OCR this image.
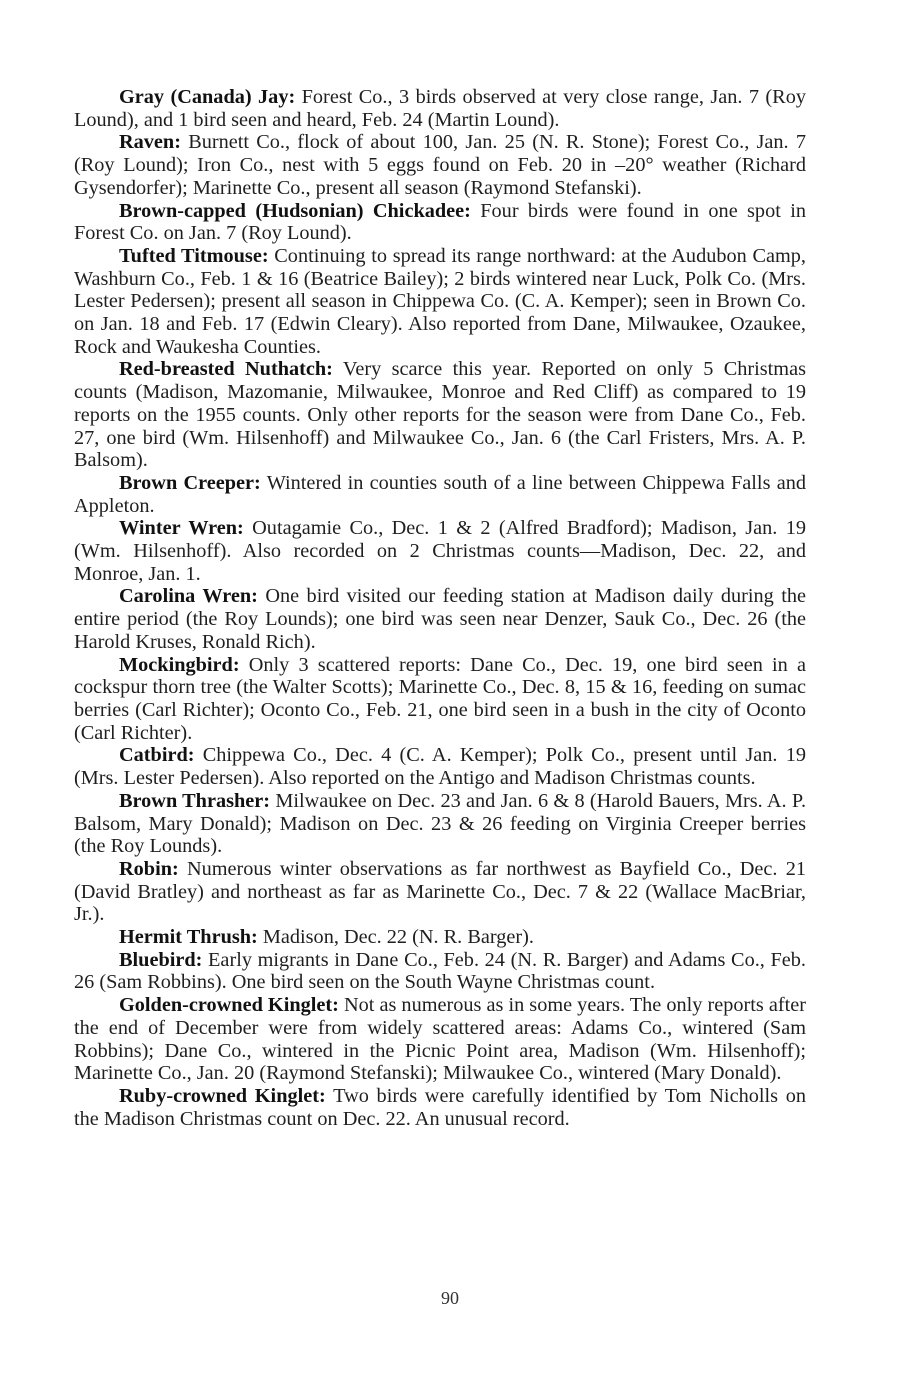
Gray (Canada) Jay: Forest Co., 3 birds observed at very close range, Jan. 7 (Roy Lound), and 1 bird seen and heard, Feb. 24 (Martin Lound).

Raven: Burnett Co., flock of about 100, Jan. 25 (N. R. Stone); Forest Co., Jan. 7 (Roy Lound); Iron Co., nest with 5 eggs found on Feb. 20 in –20° weather (Richard Gysendorfer); Marinette Co., present all season (Raymond Stefanski).

Brown-capped (Hudsonian) Chickadee: Four birds were found in one spot in Forest Co. on Jan. 7 (Roy Lound).

Tufted Titmouse: Continuing to spread its range northward: at the Audubon Camp, Washburn Co., Feb. 1 & 16 (Beatrice Bailey); 2 birds wintered near Luck, Polk Co. (Mrs. Lester Pedersen); present all season in Chippewa Co. (C. A. Kemper); seen in Brown Co. on Jan. 18 and Feb. 17 (Edwin Cleary). Also reported from Dane, Milwaukee, Ozaukee, Rock and Waukesha Counties.

Red-breasted Nuthatch: Very scarce this year. Reported on only 5 Christmas counts (Madison, Mazomanie, Milwaukee, Monroe and Red Cliff) as compared to 19 reports on the 1955 counts. Only other reports for the season were from Dane Co., Feb. 27, one bird (Wm. Hilsenhoff) and Milwaukee Co., Jan. 6 (the Carl Fristers, Mrs. A. P. Balsom).

Brown Creeper: Wintered in counties south of a line between Chippewa Falls and Appleton.

Winter Wren: Outagamie Co., Dec. 1 & 2 (Alfred Bradford); Madison, Jan. 19 (Wm. Hilsenhoff). Also recorded on 2 Christmas counts—Madison, Dec. 22, and Monroe, Jan. 1.

Carolina Wren: One bird visited our feeding station at Madison daily during the entire period (the Roy Lounds); one bird was seen near Denzer, Sauk Co., Dec. 26 (the Harold Kruses, Ronald Rich).

Mockingbird: Only 3 scattered reports: Dane Co., Dec. 19, one bird seen in a cockspur thorn tree (the Walter Scotts); Marinette Co., Dec. 8, 15 & 16, feeding on sumac berries (Carl Richter); Oconto Co., Feb. 21, one bird seen in a bush in the city of Oconto (Carl Richter).

Catbird: Chippewa Co., Dec. 4 (C. A. Kemper); Polk Co., present until Jan. 19 (Mrs. Lester Pedersen). Also reported on the Antigo and Madison Christmas counts.

Brown Thrasher: Milwaukee on Dec. 23 and Jan. 6 & 8 (Harold Bauers, Mrs. A. P. Balsom, Mary Donald); Madison on Dec. 23 & 26 feeding on Virginia Creeper berries (the Roy Lounds).

Robin: Numerous winter observations as far northwest as Bayfield Co., Dec. 21 (David Bratley) and northeast as far as Marinette Co., Dec. 7 & 22 (Wallace MacBriar, Jr.).

Hermit Thrush: Madison, Dec. 22 (N. R. Barger).

Bluebird: Early migrants in Dane Co., Feb. 24 (N. R. Barger) and Adams Co., Feb. 26 (Sam Robbins). One bird seen on the South Wayne Christmas count.

Golden-crowned Kinglet: Not as numerous as in some years. The only reports after the end of December were from widely scattered areas: Adams Co., wintered (Sam Robbins); Dane Co., wintered in the Picnic Point area, Madison (Wm. Hilsenhoff); Marinette Co., Jan. 20 (Raymond Stefanski); Milwaukee Co., wintered (Mary Donald).

Ruby-crowned Kinglet: Two birds were carefully identified by Tom Nicholls on the Madison Christmas count on Dec. 22. An unusual record.

90
